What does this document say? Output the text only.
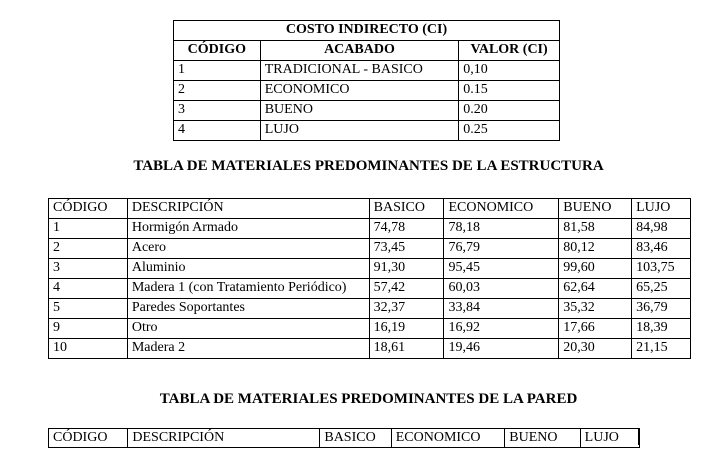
COSTO INDIRECTO (CI)		
CÓDIGO	ACABADO	VALOR (CI)
1	TRADICIONAL - BASICO	0,10
2	ECONOMICO	0.15
3	BUENO	0.20
4	LUJO	0.25
TABLA DE MATERIALES PREDOMINANTES DE LA ESTRUCTURA
CÓDIGO	DESCRIPCIÓN	BASICO	ECONOMICO	BUENO	LUJO
1	Hormigón Armado	74,78	78,18	81,58	84,98
2	Acero	73,45	76,79	80,12	83,46
3	Aluminio	91,30	95,45	99,60	103,75
4	Madera 1 (con Tratamiento Periódico)	57,42	60,03	62,64	65,25
5	Paredes Soportantes	32,37	33,84	35,32	36,79
9	Otro	16,19	16,92	17,66	18,39
10	Madera 2	18,61	19,46	20,30	21,15
TABLA DE MATERIALES PREDOMINANTES DE LA PARED
CÓDIGO	DESCRIPCIÓN	BASICO	ECONOMICO	BUENO	LUJO
